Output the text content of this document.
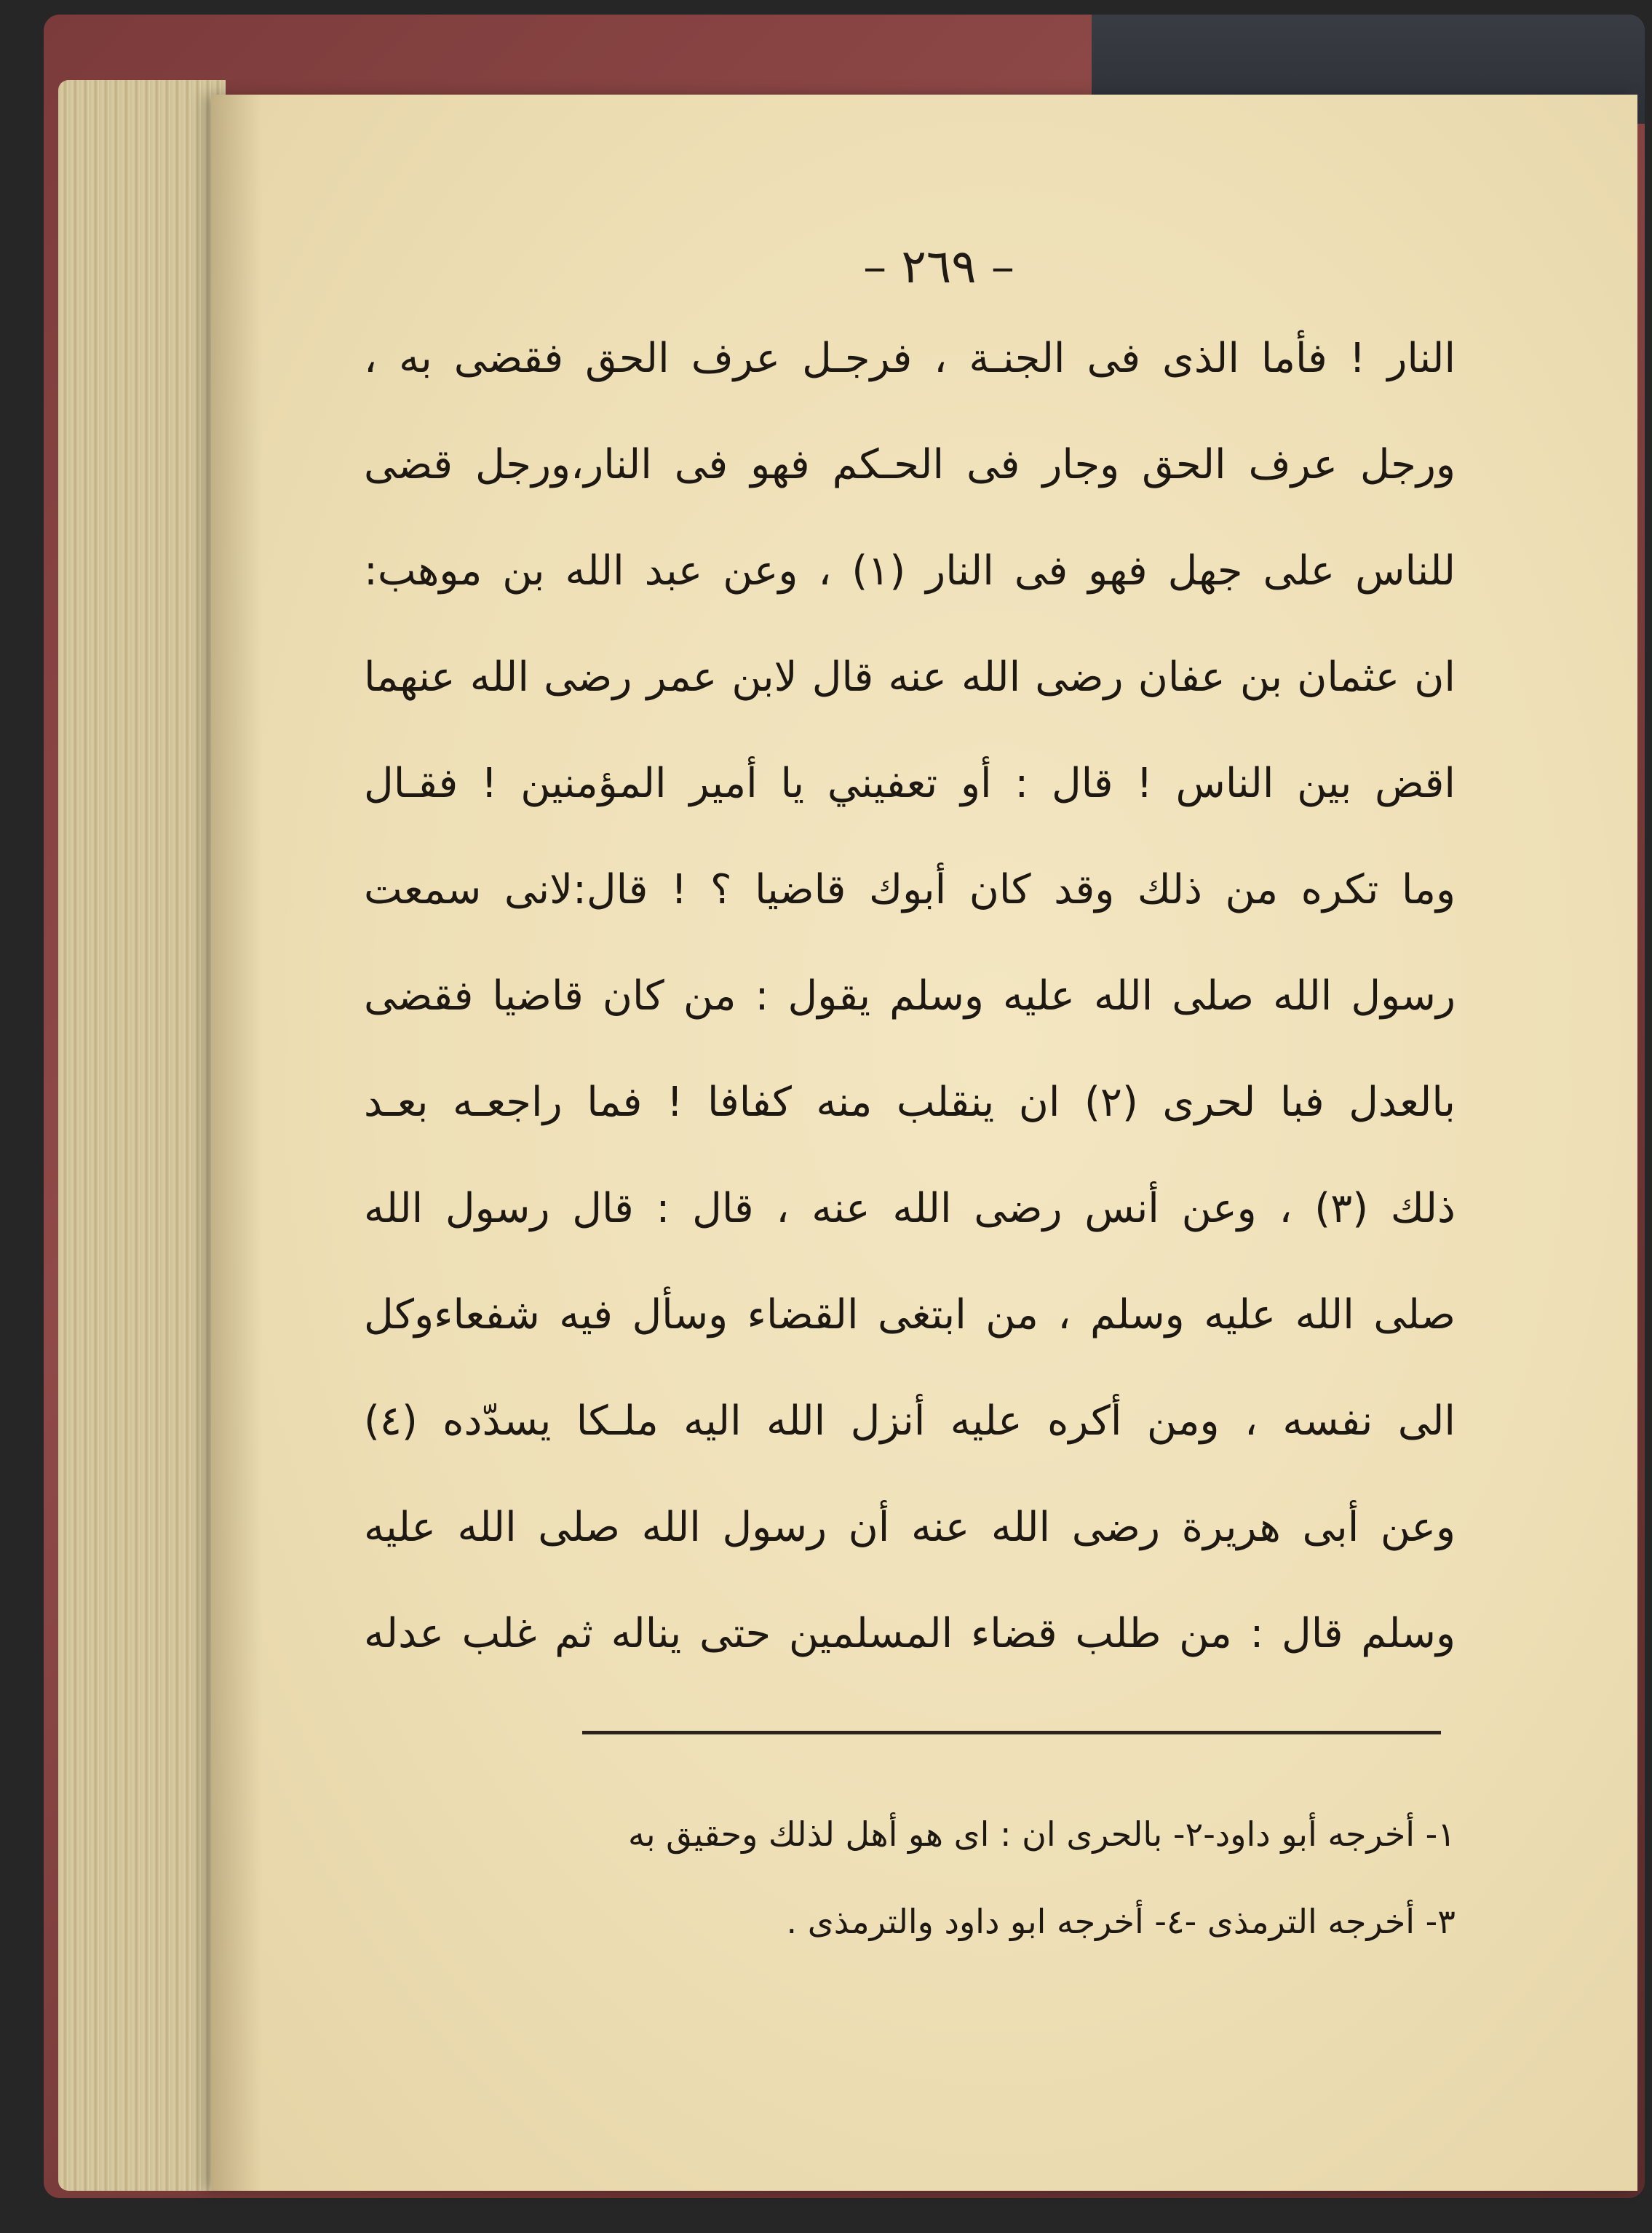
– ٢٦٩ –
النار ! فأما الذى فى الجنـة ، فرجـل عرف الحق فقضى به ،
ورجل عرف الحق وجار فى الحـكم فهو فى النار،ورجل قضى
للناس على جهل فهو فى النار (١) ، وعن عبد الله بن موهب:
ان عثمان بن عفان رضى الله عنه قال لابن عمر رضى الله عنهما
اقض بين الناس ! قال : أو تعفيني يا أمير المؤمنين ! فقـال
وما تكره من ذلك وقد كان أبوك قاضيا ؟ ! قال:لانى سمعت
رسول الله صلى الله عليه وسلم يقول : من كان قاضيا فقضى
بالعدل فبا لحرى (٢) ان ينقلب منه كفافا ! فما راجعـه بعـد
ذلك (٣) ، وعن أنس رضى الله عنه ، قال : قال رسول الله
صلى الله عليه وسلم ، من ابتغى القضاء وسأل فيه شفعاءوكل
الى نفسه ، ومن أكره عليه أنزل الله اليه ملـكا يسدّده (٤)
وعن أبى هريرة رضى الله عنه أن رسول الله صلى الله عليه
وسلم قال : من طلب قضاء المسلمين حتى يناله ثم غلب عدله
١- أخرجه أبو داود-٢- بالحرى ان : اى هو أهل لذلك وحقيق به
٣- أخرجه الترمذى -٤- أخرجه ابو داود والترمذى .
